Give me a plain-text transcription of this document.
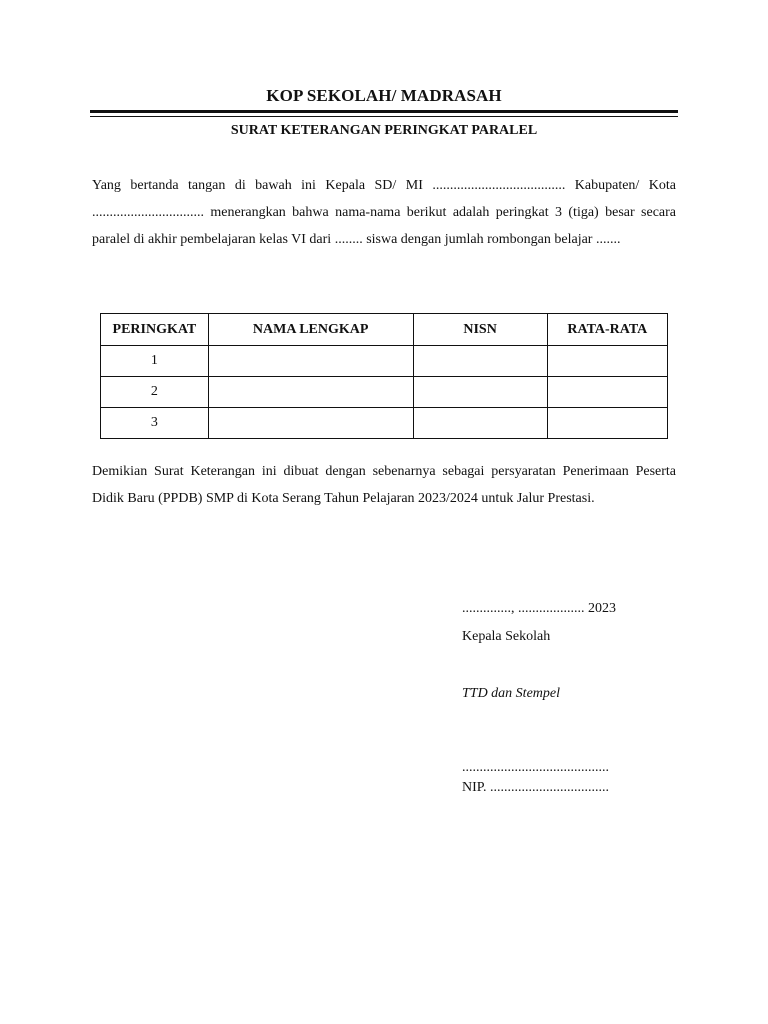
KOP SEKOLAH/ MADRASAH
SURAT KETERANGAN PERINGKAT PARALEL

Yang bertanda tangan di bawah ini Kepala SD/ MI ...................................... Kabupaten/ Kota ................................ menerangkan bahwa nama-nama berikut adalah peringkat 3 (tiga) besar secara paralel di akhir pembelajaran kelas VI dari ........ siswa dengan jumlah rombongan belajar .......

PERINGKAT	NAMA LENGKAP	NISN	RATA-RATA
1			
2			
3			

Demikian Surat Keterangan ini dibuat dengan sebenarnya sebagai persyaratan Penerimaan Peserta Didik Baru (PPDB) SMP di Kota Serang Tahun Pelajaran 2023/2024 untuk Jalur Prestasi.

.............., ................... 2023
Kepala Sekolah
TTD dan Stempel
..........................................
NIP. ..................................
